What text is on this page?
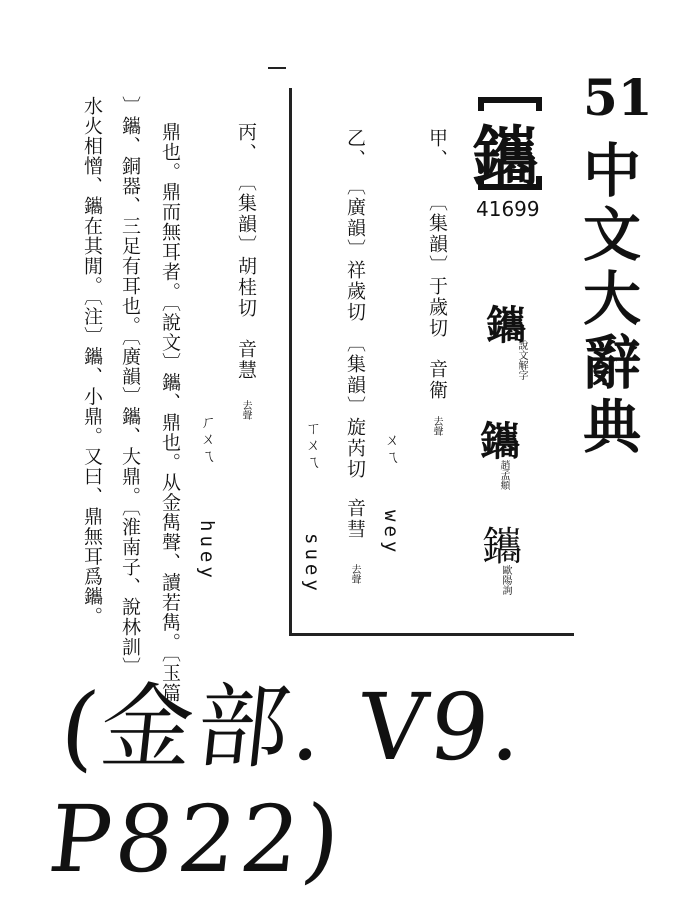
51
中文大辭典
鑴
41699
甲、〔集韻〕于歲切音衛
去聲
ㄨㄟ
wey
乙、〔廣韻〕祥歲切〔集韻〕旋芮切音彗
去聲
ㄒㄨㄟ
suey
鑴
說文解字
鑴
趙孟頫
鑴
歐陽詢
丙、〔集韻〕胡桂切音慧
去聲
ㄏㄨㄟ
huey
鼎也。鼎而無耳者。〔說文〕鑴、鼎也。从金雋聲、讀若雋。〔玉篇
〕鑴、銅器、三足有耳也。〔廣韻〕鑴、大鼎。〔淮南子、說林訓〕
水火相憎、鑴在其閒。〔注〕鑴、小鼎。又曰、鼎無耳爲鑴。
(金部. V9. P822)
